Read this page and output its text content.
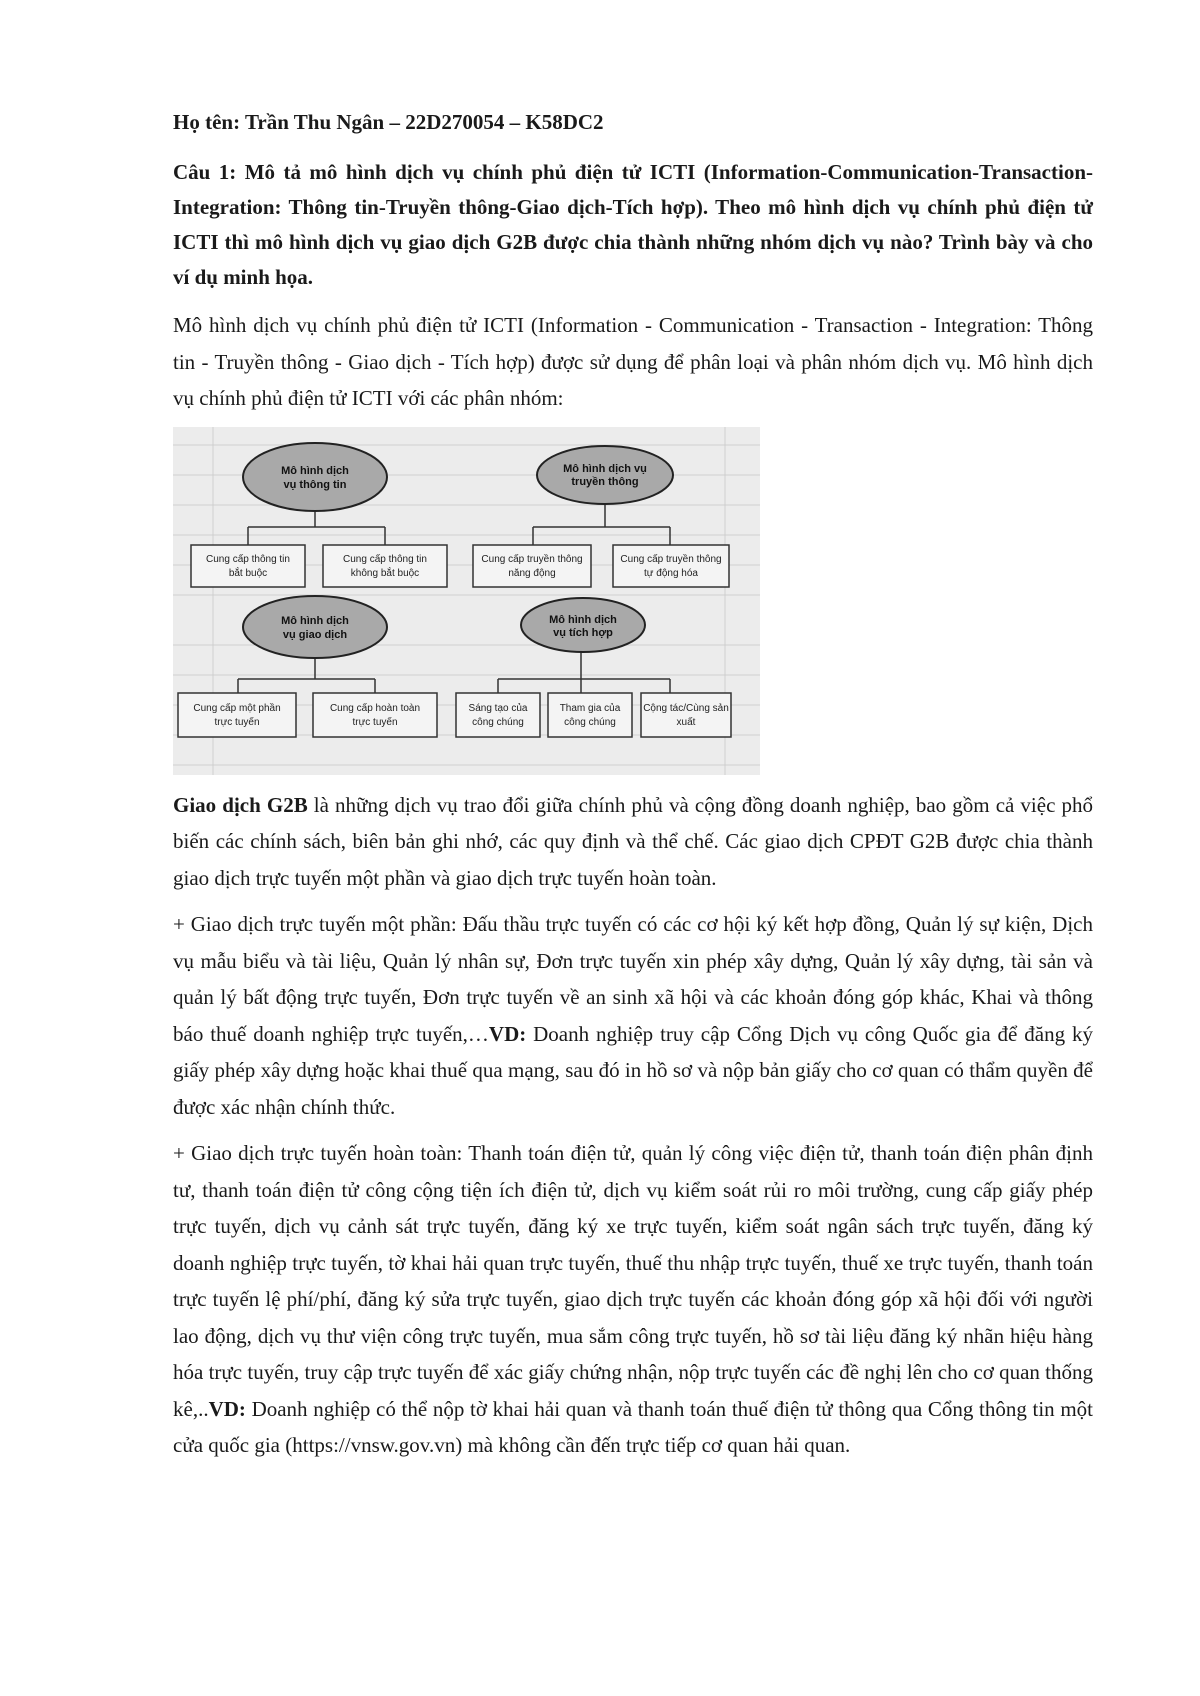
Họ tên: Trần Thu Ngân – 22D270054 – K58DC2

Câu 1: Mô tả mô hình dịch vụ chính phủ điện tử ICTI (Information-Communication-Transaction-Integration: Thông tin-Truyền thông-Giao dịch-Tích hợp). Theo mô hình dịch vụ chính phủ điện tử ICTI thì mô hình dịch vụ giao dịch G2B được chia thành những nhóm dịch vụ nào? Trình bày và cho ví dụ minh họa.

Mô hình dịch vụ chính phủ điện tử ICTI (Information - Communication - Transaction - Integration: Thông tin - Truyền thông - Giao dịch - Tích hợp) được sử dụng để phân loại và phân nhóm dịch vụ. Mô hình dịch vụ chính phủ điện tử ICTI với các phân nhóm:

Mô hình dịch
vụ thông tin
Mô hình dịch vụ
truyền thông
Mô hình dịch
vụ giao dịch
Mô hình dịch
vụ tích hợp
Cung cấp thông tin
bắt buộc
Cung cấp thông tin
không bắt buộc
Cung cấp truyền thông
năng động
Cung cấp truyền thông
tự động hóa
Cung cấp một phần
trực tuyến
Cung cấp hoàn toàn
trực tuyến
Sáng tạo của
công chúng
Tham gia của
công chúng
Cộng tác/Cùng sản
xuất

Giao dịch G2B là những dịch vụ trao đổi giữa chính phủ và cộng đồng doanh nghiệp, bao gồm cả việc phổ biến các chính sách, biên bản ghi nhớ, các quy định và thể chế. Các giao dịch CPĐT G2B được chia thành giao dịch trực tuyến một phần và giao dịch trực tuyến hoàn toàn.

+ Giao dịch trực tuyến một phần: Đấu thầu trực tuyến có các cơ hội ký kết hợp đồng, Quản lý sự kiện, Dịch vụ mẫu biểu và tài liệu, Quản lý nhân sự, Đơn trực tuyến xin phép xây dựng, Quản lý xây dựng, tài sản và quản lý bất động trực tuyến, Đơn trực tuyến về an sinh xã hội và các khoản đóng góp khác, Khai và thông báo thuế doanh nghiệp trực tuyến,…VD: Doanh nghiệp truy cập Cổng Dịch vụ công Quốc gia để đăng ký giấy phép xây dựng hoặc khai thuế qua mạng, sau đó in hồ sơ và nộp bản giấy cho cơ quan có thẩm quyền để được xác nhận chính thức.

+ Giao dịch trực tuyến hoàn toàn: Thanh toán điện tử, quản lý công việc điện tử, thanh toán điện phân định tư, thanh toán điện tử công cộng tiện ích điện tử, dịch vụ kiểm soát rủi ro môi trường, cung cấp giấy phép trực tuyến, dịch vụ cảnh sát trực tuyến, đăng ký xe trực tuyến, kiểm soát ngân sách trực tuyến, đăng ký doanh nghiệp trực tuyến, tờ khai hải quan trực tuyến, thuế thu nhập trực tuyến, thuế xe trực tuyến, thanh toán trực tuyến lệ phí/phí, đăng ký sửa trực tuyến, giao dịch trực tuyến các khoản đóng góp xã hội đối với người lao động, dịch vụ thư viện công trực tuyến, mua sắm công trực tuyến, hồ sơ tài liệu đăng ký nhãn hiệu hàng hóa trực tuyến, truy cập trực tuyến để xác giấy chứng nhận, nộp trực tuyến các đề nghị lên cho cơ quan thống kê,..VD: Doanh nghiệp có thể nộp tờ khai hải quan và thanh toán thuế điện tử thông qua Cổng thông tin một cửa quốc gia (https://vnsw.gov.vn) mà không cần đến trực tiếp cơ quan hải quan.
